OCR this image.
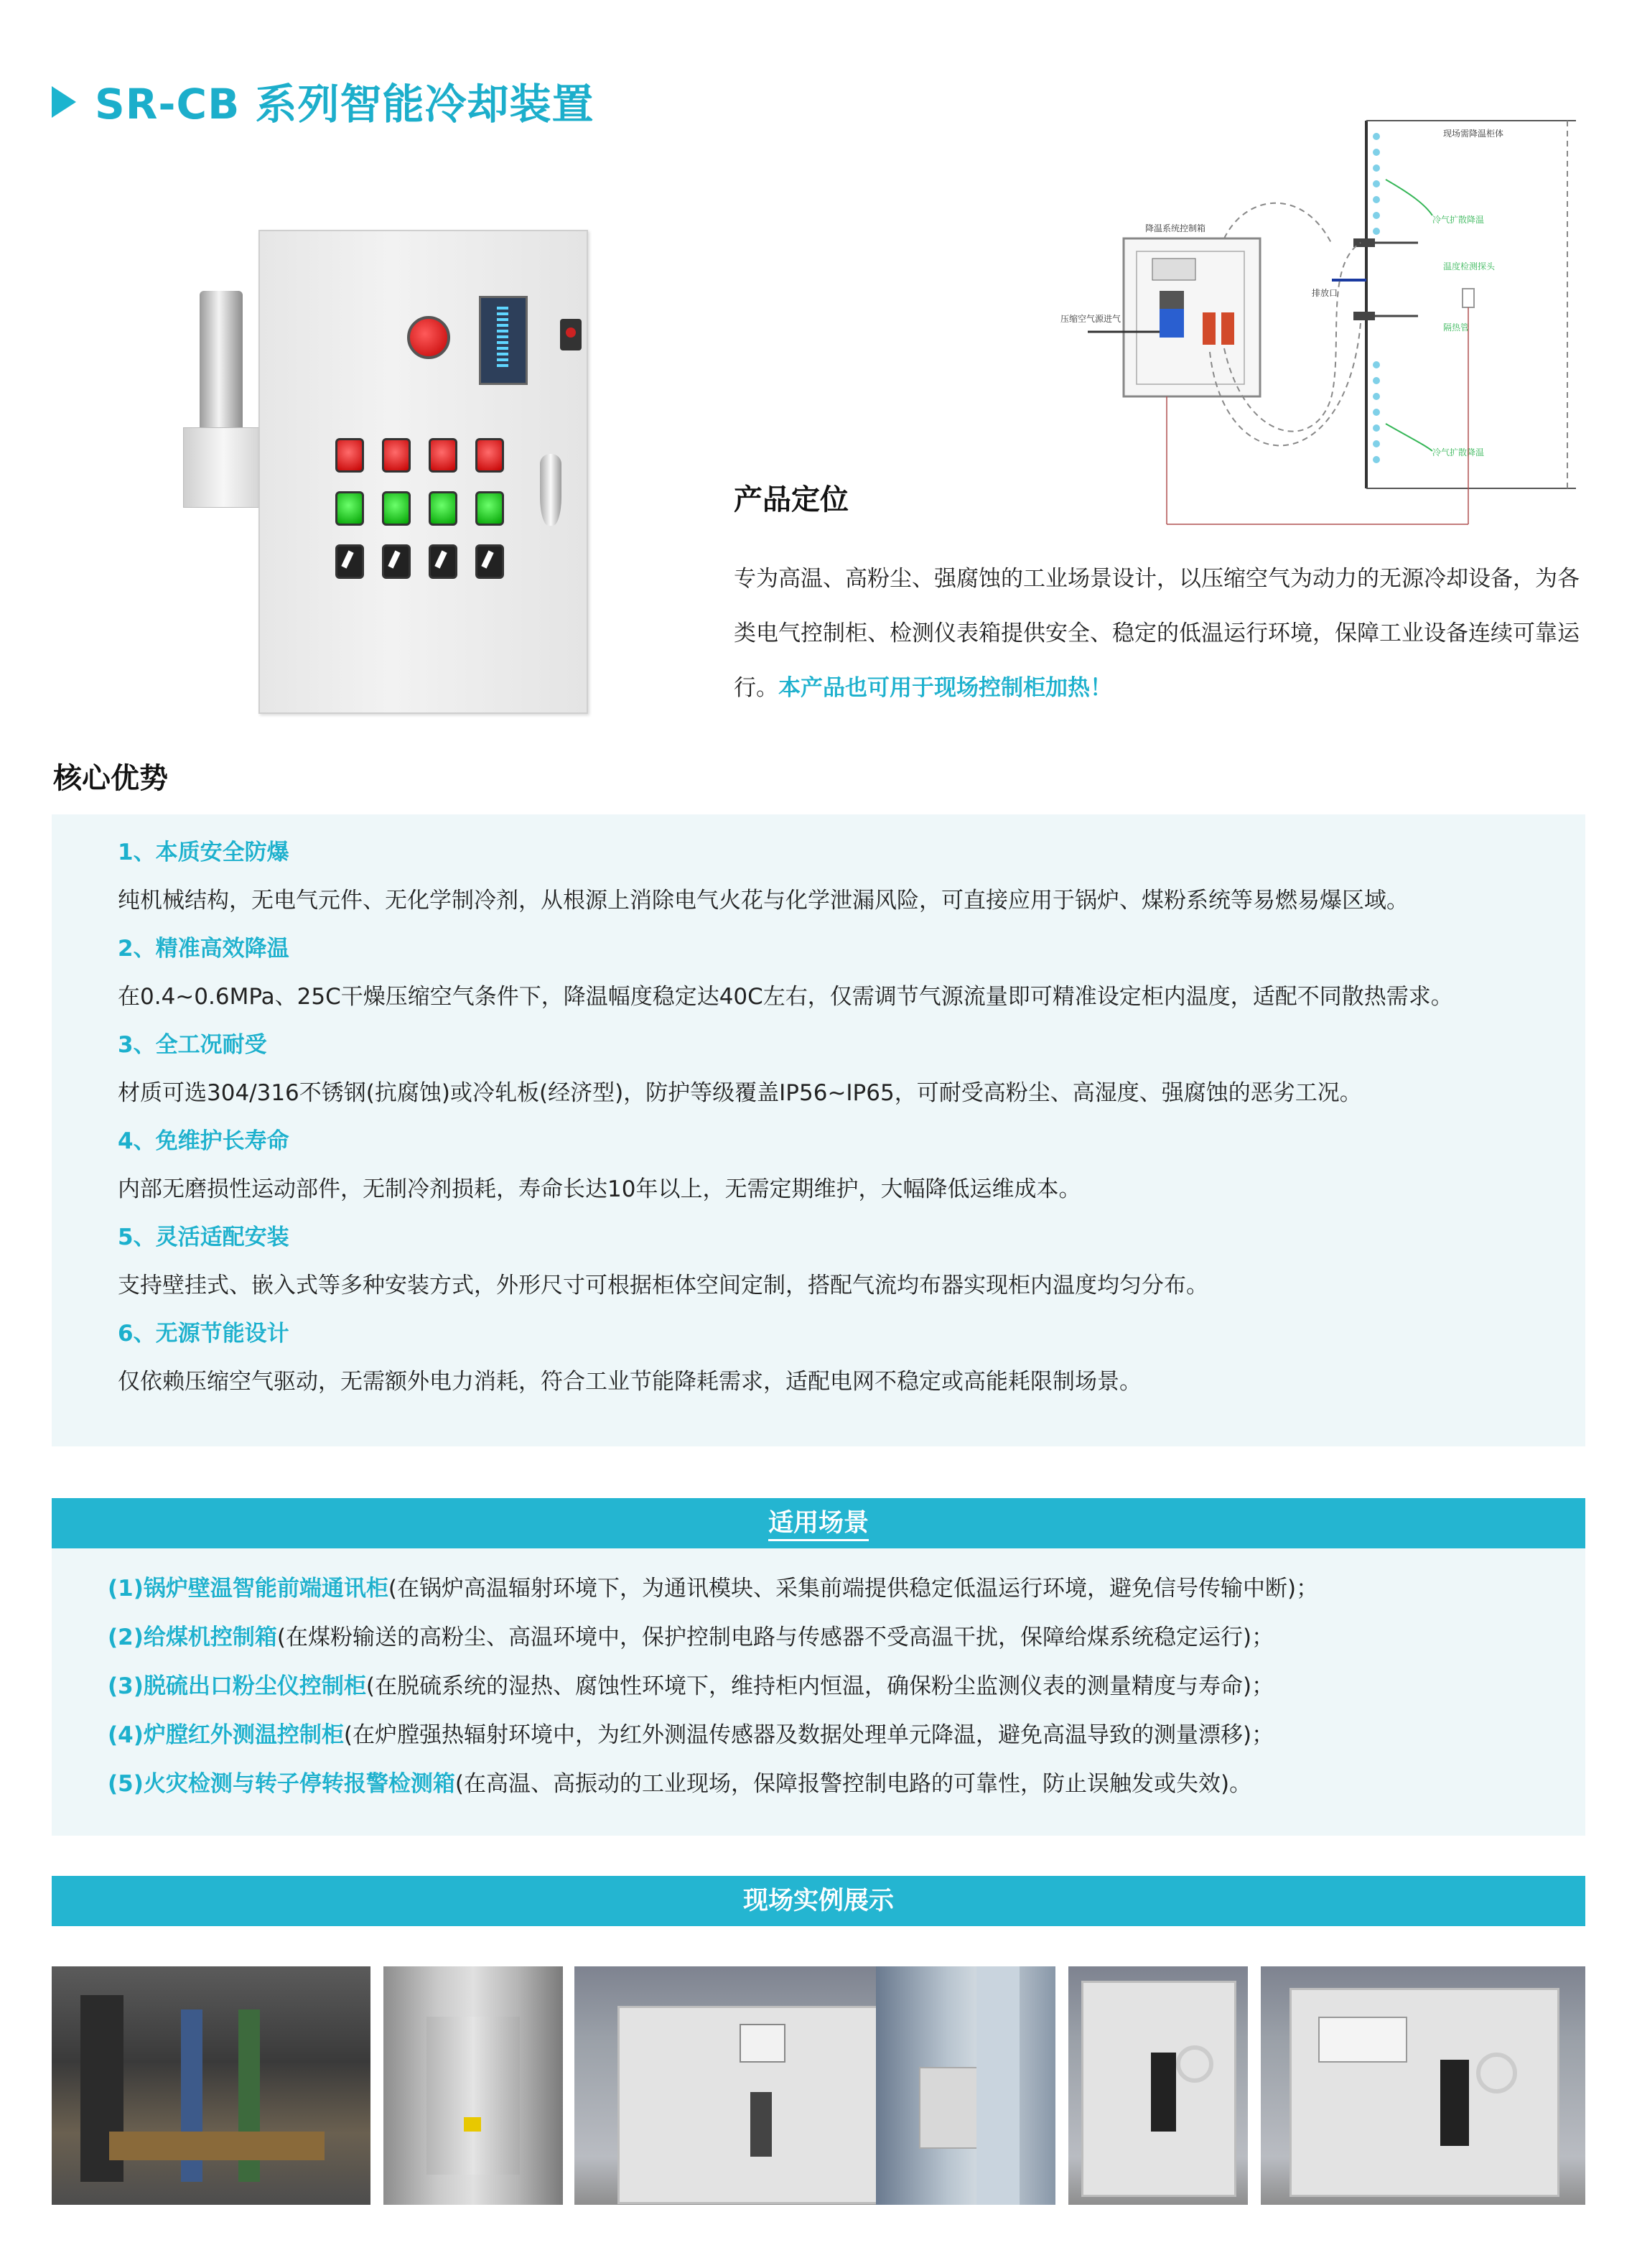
SR-CB 系列智能冷却装置
现场需降温柜体
冷气扩散降温
温度检测探头
隔热管
冷气扩散降温
排放口
降温系统控制箱
压缩空气源进气
产品定位
专为高温、高粉尘、强腐蚀的工业场景设计，以压缩空气为动力的无源冷却设备，为各类电气控制柜、检测仪表箱提供安全、稳定的低温运行环境，保障工业设备连续可靠运行。本产品也可用于现场控制柜加热！
核心优势
1、本质安全防爆
纯机械结构，无电气元件、无化学制冷剂，从根源上消除电气火花与化学泄漏风险，可直接应用于锅炉、煤粉系统等易燃易爆区域。
2、精准高效降温
在0.4~0.6MPa、25C干燥压缩空气条件下，降温幅度稳定达40C左右，仅需调节气源流量即可精准设定柜内温度，适配不同散热需求。
3、全工况耐受
材质可选304/316不锈钢(抗腐蚀)或冷轧板(经济型)，防护等级覆盖IP56~IP65，可耐受高粉尘、高湿度、强腐蚀的恶劣工况。
4、免维护长寿命
内部无磨损性运动部件，无制冷剂损耗，寿命长达10年以上，无需定期维护，大幅降低运维成本。
5、灵活适配安装
支持壁挂式、嵌入式等多种安装方式，外形尺寸可根据柜体空间定制，搭配气流均布器实现柜内温度均匀分布。
6、无源节能设计
仅依赖压缩空气驱动，无需额外电力消耗，符合工业节能降耗需求，适配电网不稳定或高能耗限制场景。
适用场景
(1)锅炉壁温智能前端通讯柜(在锅炉高温辐射环境下，为通讯模块、采集前端提供稳定低温运行环境，避免信号传输中断)；
(2)给煤机控制箱(在煤粉输送的高粉尘、高温环境中，保护控制电路与传感器不受高温干扰，保障给煤系统稳定运行)；
(3)脱硫出口粉尘仪控制柜(在脱硫系统的湿热、腐蚀性环境下，维持柜内恒温，确保粉尘监测仪表的测量精度与寿命)；
(4)炉膛红外测温控制柜(在炉膛强热辐射环境中，为红外测温传感器及数据处理单元降温，避免高温导致的测量漂移)；
(5)火灾检测与转子停转报警检测箱(在高温、高振动的工业现场，保障报警控制电路的可靠性，防止误触发或失效)。
现场实例展示
